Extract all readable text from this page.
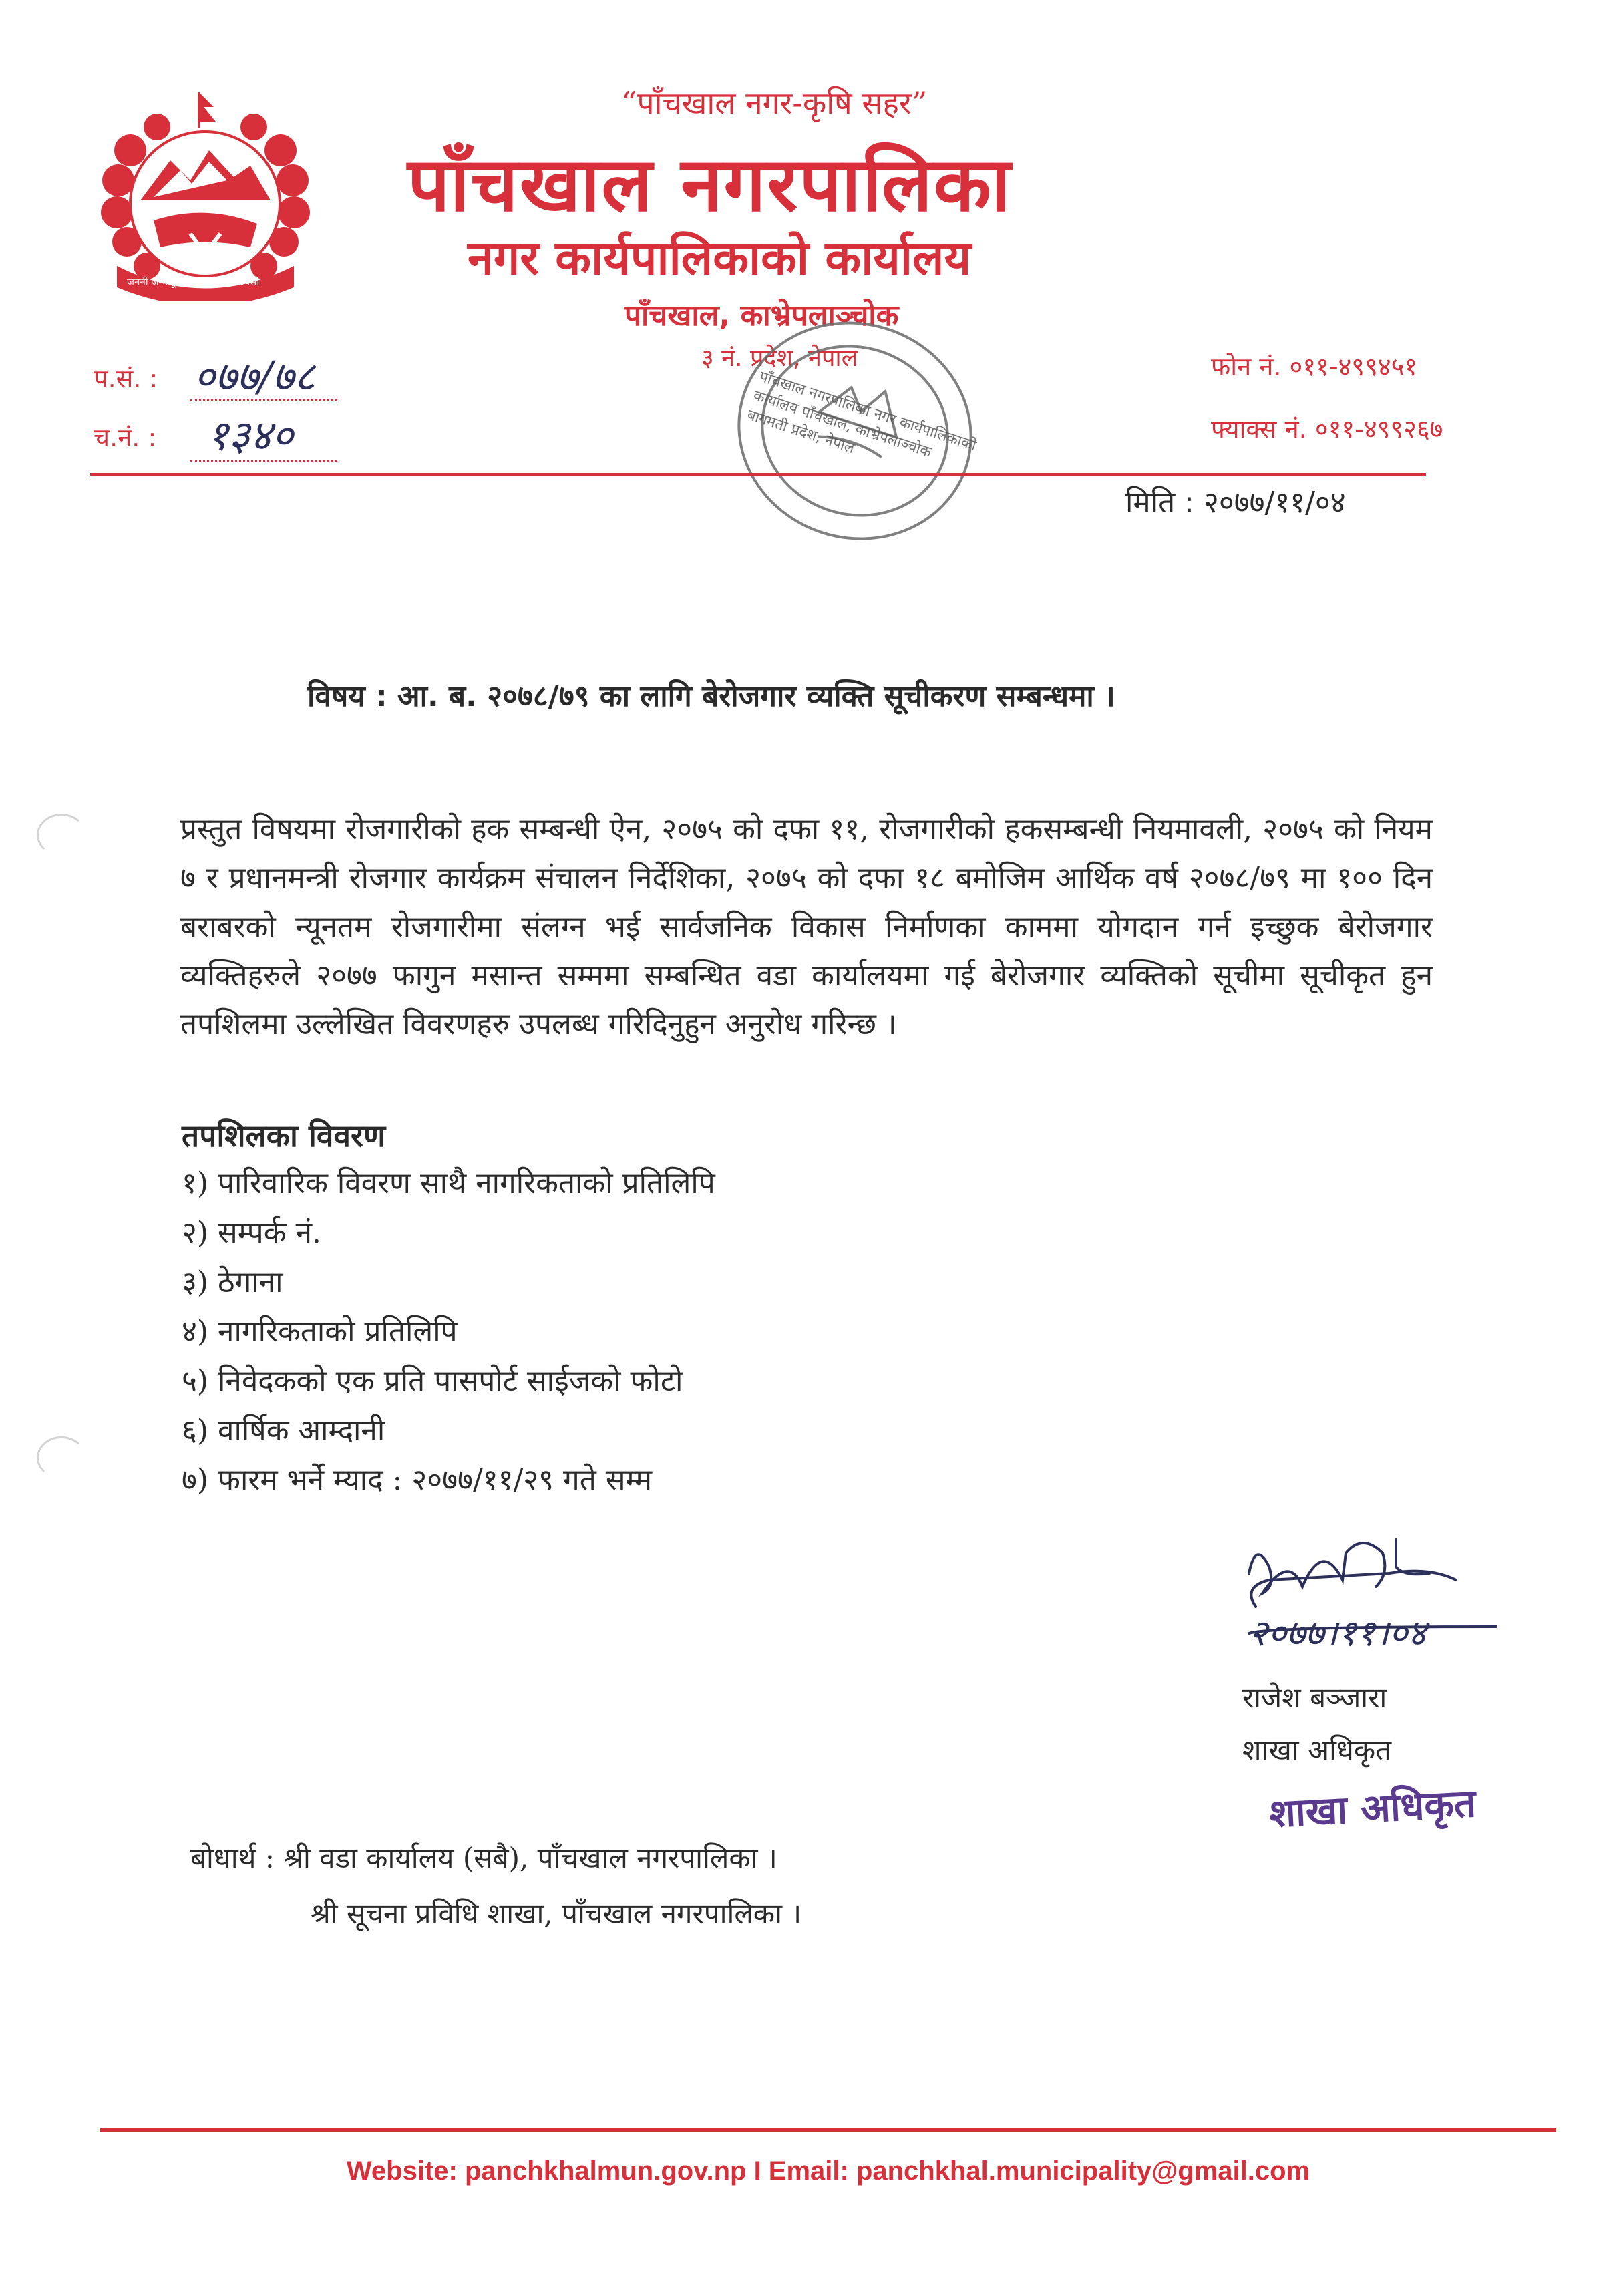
जननी जन्मभूमिश्च स्वर्गादपि गरीयसी
“पाँचखाल नगर-कृषि सहर”
पाँचखाल नगरपालिका
नगर कार्यपालिकाको कार्यालय
पाँचखाल, काभ्रेपलाञ्चोक
३ नं. प्रदेश, नेपाल
प.सं. : ०७७/७८
च.नं. : १३४०
फोन नं. ०११-४९९४५१
फ्याक्स नं. ०११-४९९२६७
पाँचखाल नगरपालिका नगर कार्यपालिकाको कार्यालय पाँचखाल, काभ्रेपलाञ्चोक बागमती प्रदेश, नेपाल
मिति : २०७७/११/०४
विषय : आ. ब. २०७८/७९ का लागि बेरोजगार व्यक्ति सूचीकरण सम्बन्धमा ।
प्रस्तुत विषयमा रोजगारीको हक सम्बन्धी ऐन, २०७५ को दफा ११, रोजगारीको हकसम्बन्धी नियमावली, २०७५ को नियम ७ र प्रधानमन्त्री रोजगार कार्यक्रम संचालन निर्देशिका, २०७५ को दफा १८ बमोजिम आर्थिक वर्ष २०७८/७९ मा १०० दिन बराबरको न्यूनतम रोजगारीमा संलग्न भई सार्वजनिक विकास निर्माणका काममा योगदान गर्न इच्छुक बेरोजगार व्यक्तिहरुले २०७७ फागुन मसान्त सम्ममा सम्बन्धित वडा कार्यालयमा गई बेरोजगार व्यक्तिको सूचीमा सूचीकृत हुन तपशिलमा उल्लेखित विवरणहरु उपलब्ध गरिदिनुहुन अनुरोध गरिन्छ ।
तपशिलका विवरण
१) पारिवारिक विवरण साथै नागरिकताको प्रतिलिपि
२) सम्पर्क नं.
३) ठेगाना
४) नागरिकताको प्रतिलिपि
५) निवेदकको एक प्रति पासपोर्ट साईजको फोटो
६) वार्षिक आम्दानी
७) फारम भर्ने म्याद : २०७७/११/२९ गते सम्म
२०७७।११।०४
राजेश बञ्जारा
शाखा अधिकृत
शाखा अधिकृत
बोधार्थ : श्री वडा कार्यालय (सबै), पाँचखाल नगरपालिका ।
श्री सूचना प्रविधि शाखा, पाँचखाल नगरपालिका ।
Website: panchkhalmun.gov.np I Email: panchkhal.municipality@gmail.com
